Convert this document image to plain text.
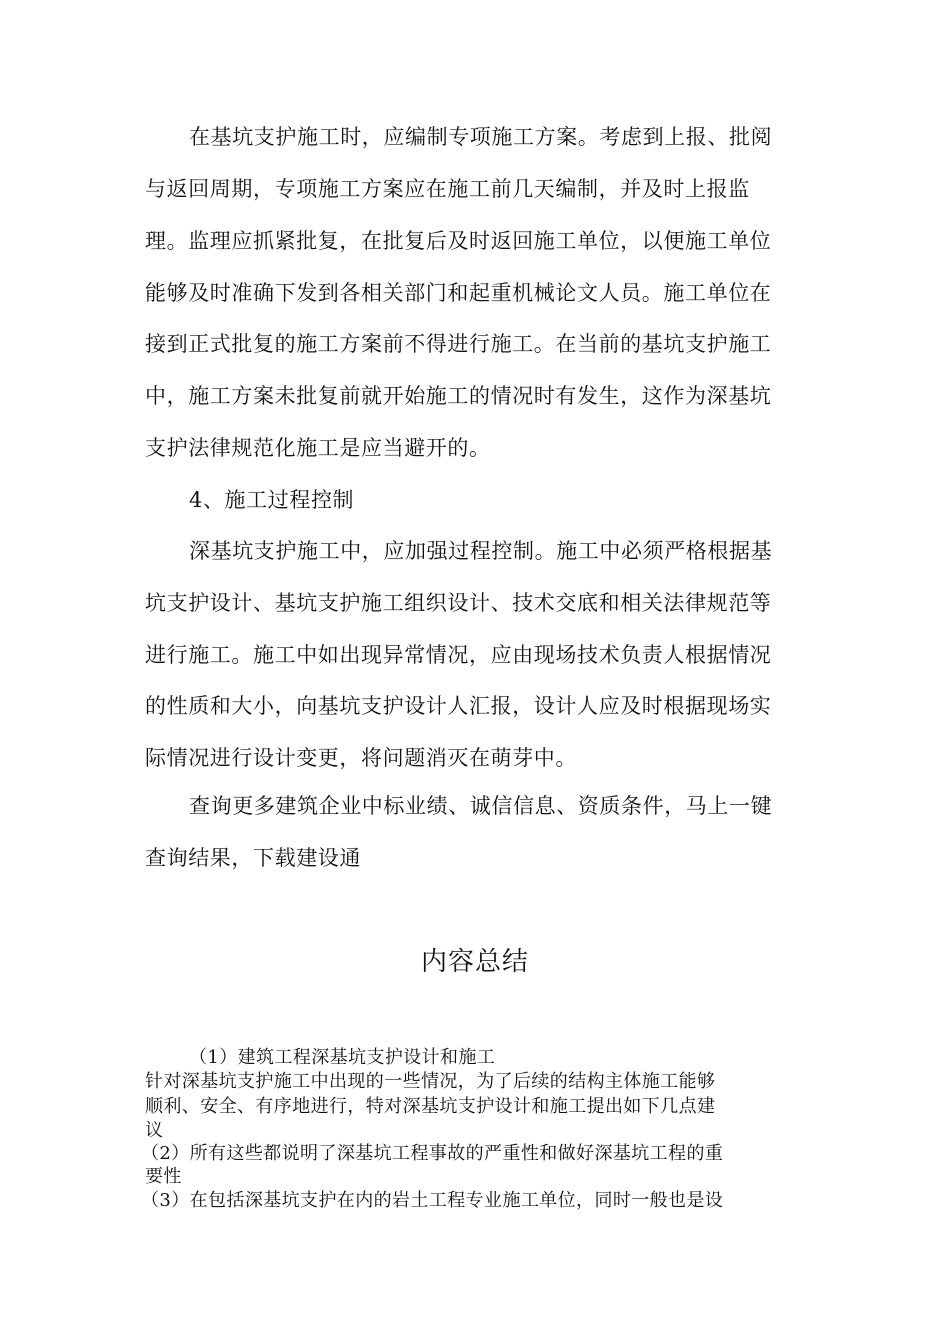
在基坑支护施工时，应编制专项施工方案。考虑到上报、批阅
与返回周期，专项施工方案应在施工前几天编制，并及时上报监
理。监理应抓紧批复，在批复后及时返回施工单位，以便施工单位
能够及时准确下发到各相关部门和起重机械论文人员。施工单位在
接到正式批复的施工方案前不得进行施工。在当前的基坑支护施工
中，施工方案未批复前就开始施工的情况时有发生，这作为深基坑
支护法律规范化施工是应当避开的。
4、施工过程控制
深基坑支护施工中，应加强过程控制。施工中必须严格根据基
坑支护设计、基坑支护施工组织设计、技术交底和相关法律规范等
进行施工。施工中如出现异常情况，应由现场技术负责人根据情况
的性质和大小，向基坑支护设计人汇报，设计人应及时根据现场实
际情况进行设计变更，将问题消灭在萌芽中。
查询更多建筑企业中标业绩、诚信信息、资质条件，马上一键
查询结果，下载建设通
内容总结
（1）建筑工程深基坑支护设计和施工
针对深基坑支护施工中出现的一些情况，为了后续的结构主体施工能够
顺利、安全、有序地进行，特对深基坑支护设计和施工提出如下几点建
议
（2）所有这些都说明了深基坑工程事故的严重性和做好深基坑工程的重
要性
（3）在包括深基坑支护在内的岩土工程专业施工单位，同时一般也是设
